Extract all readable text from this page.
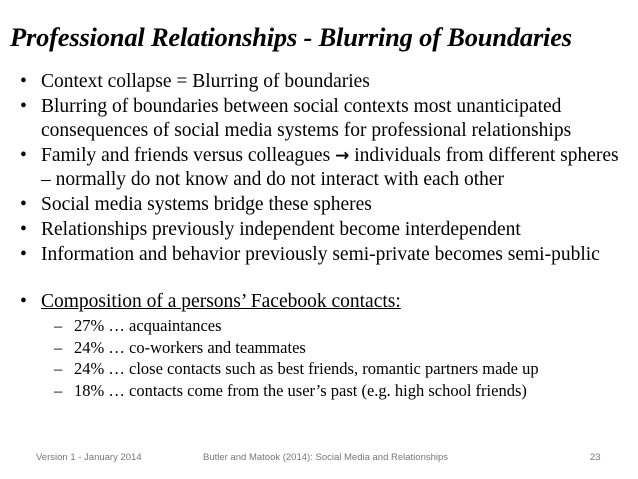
Professional Relationships - Blurring of Boundaries
• Context collapse = Blurring of boundaries
• Blurring of boundaries between social contexts most unanticipated consequences of social media systems for professional relationships
• Family and friends versus colleagues → individuals from different spheres – normally do not know and do not interact with each other
• Social media systems bridge these spheres
• Relationships previously independent become interdependent
• Information and behavior previously semi-private becomes semi-public
• Composition of a persons’ Facebook contacts:
– 27% … acquaintances
– 24% … co-workers and teammates
– 24% … close contacts such as best friends, romantic partners made up
– 18% … contacts come from the user’s past (e.g. high school friends)
Version 1 - January 2014	Butler and Matook (2014): Social Media and Relationships	23
